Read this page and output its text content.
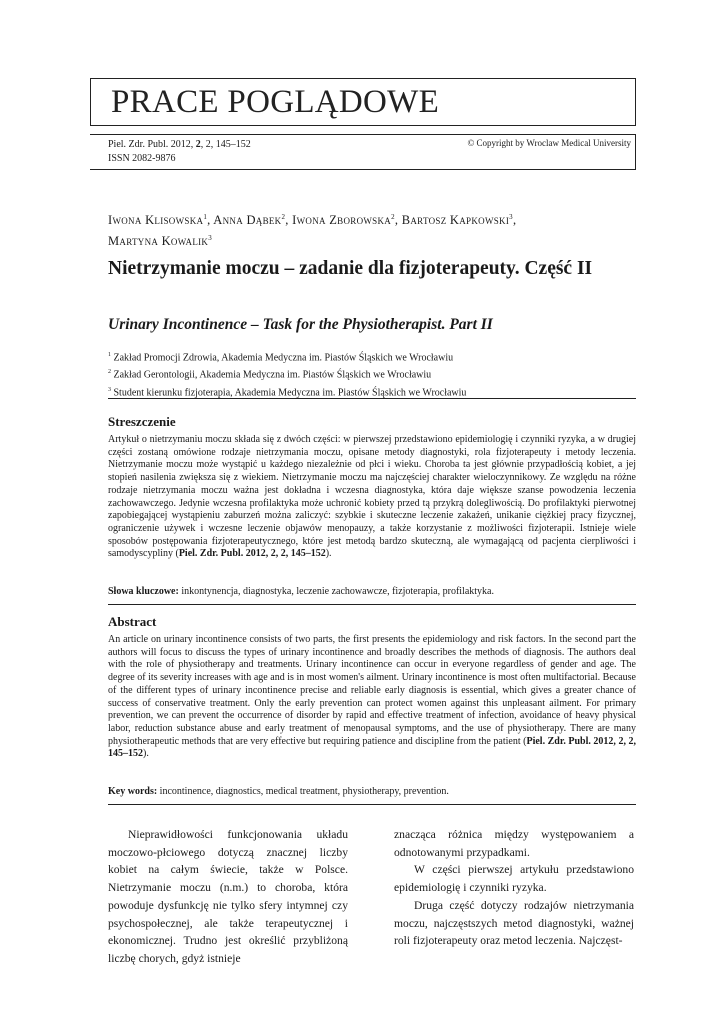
PRACE POGLĄDOWE
Piel. Zdr. Publ. 2012, 2, 2, 145–152
ISSN 2082-9876
© Copyright by Wroclaw Medical University
Iwona Klisowska$^1$, Anna Dąbek$^2$, Iwona Zborowska$^2$, Bartosz Kapkowski$^3$,
Martyna Kowalik$^3$
Nietrzymanie moczu – zadanie dla fizjoterapeuty. Część II
Urinary Incontinence – Task for the Physiotherapist. Part II
$^1$ Zakład Promocji Zdrowia, Akademia Medyczna im. Piastów Śląskich we Wrocławiu
$^2$ Zakład Gerontologii, Akademia Medyczna im. Piastów Śląskich we Wrocławiu
$^3$ Student kierunku fizjoterapia, Akademia Medyczna im. Piastów Śląskich we Wrocławiu
Streszczenie
Artykuł o nietrzymaniu moczu składa się z dwóch części: w pierwszej przedstawiono epidemiologię i czynniki ryzyka, a w drugiej części zostaną omówione rodzaje nietrzymania moczu, opisane metody diagnostyki, rola fizjoterapeuty i metody leczenia. Nietrzymanie moczu może wystąpić u każdego niezależnie od płci i wieku. Choroba ta jest głównie przypadłością kobiet, a jej stopień nasilenia zwiększa się z wiekiem. Nietrzymanie moczu ma najczęściej charakter wieloczynnikowy. Ze względu na różne rodzaje nietrzymania moczu ważna jest dokładna i wczesna diagnostyka, która daje większe szanse powodzenia leczenia zachowawczego. Jedynie wczesna profilaktyka może uchronić kobiety przed tą przykrą dolegliwością. Do profilaktyki pierwotnej zapobiegającej wystąpieniu zaburzeń można zaliczyć: szybkie i skuteczne leczenie zakażeń, unikanie ciężkiej pracy fizycznej, ograniczenie używek i wczesne leczenie objawów menopauzy, a także korzystanie z możliwości fizjoterapii. Istnieje wiele sposobów postępowania fizjoterapeutycznego, które jest metodą bardzo skuteczną, ale wymagającą od pacjenta cierpliwości i samodyscypliny (Piel. Zdr. Publ. 2012, 2, 2, 145–152).
Słowa kluczowe: inkontynencja, diagnostyka, leczenie zachowawcze, fizjoterapia, profilaktyka.
Abstract
An article on urinary incontinence consists of two parts, the first presents the epidemiology and risk factors. In the second part the authors will focus to discuss the types of urinary incontinence and broadly describes the methods of diagnosis. The authors deal with the role of physiotherapy and treatments. Urinary incontinence can occur in everyone regardless of gender and age. The degree of its severity increases with age and is in most women's ailment. Urinary incontinence is most often multifactorial. Because of the different types of urinary incontinence precise and reliable early diagnosis is essential, which gives a greater chance of success of conservative treatment. Only the early prevention can protect women against this unpleasant ailment. For primary prevention, we can prevent the occurrence of disorder by rapid and effective treatment of infection, avoidance of heavy physical labor, reduction substance abuse and early treatment of menopausal symptoms, and the use of physiotherapy. There are many physiotherapeutic methods that are very effective but requiring patience and discipline from the patient (Piel. Zdr. Publ. 2012, 2, 2, 145–152).
Key words: incontinence, diagnostics, medical treatment, physiotherapy, prevention.

Nieprawidłowości funkcjonowania układu moczowo-płciowego dotyczą znacznej liczby kobiet na całym świecie, także w Polsce. Nietrzymanie moczu (n.m.) to choroba, która powoduje dysfunkcję nie tylko sfery intymnej czy psychospołecznej, ale także terapeutycznej i ekonomicznej. Trudno jest określić przybliżoną liczbę chorych, gdyż istnieje

znacząca różnica między występowaniem a odnotowanymi przypadkami.

W części pierwszej artykułu przedstawiono epidemiologię i czynniki ryzyka.

Druga część dotyczy rodzajów nietrzymania moczu, najczęstszych metod diagnostyki, ważnej roli fizjoterapeuty oraz metod leczenia. Najczęst-
